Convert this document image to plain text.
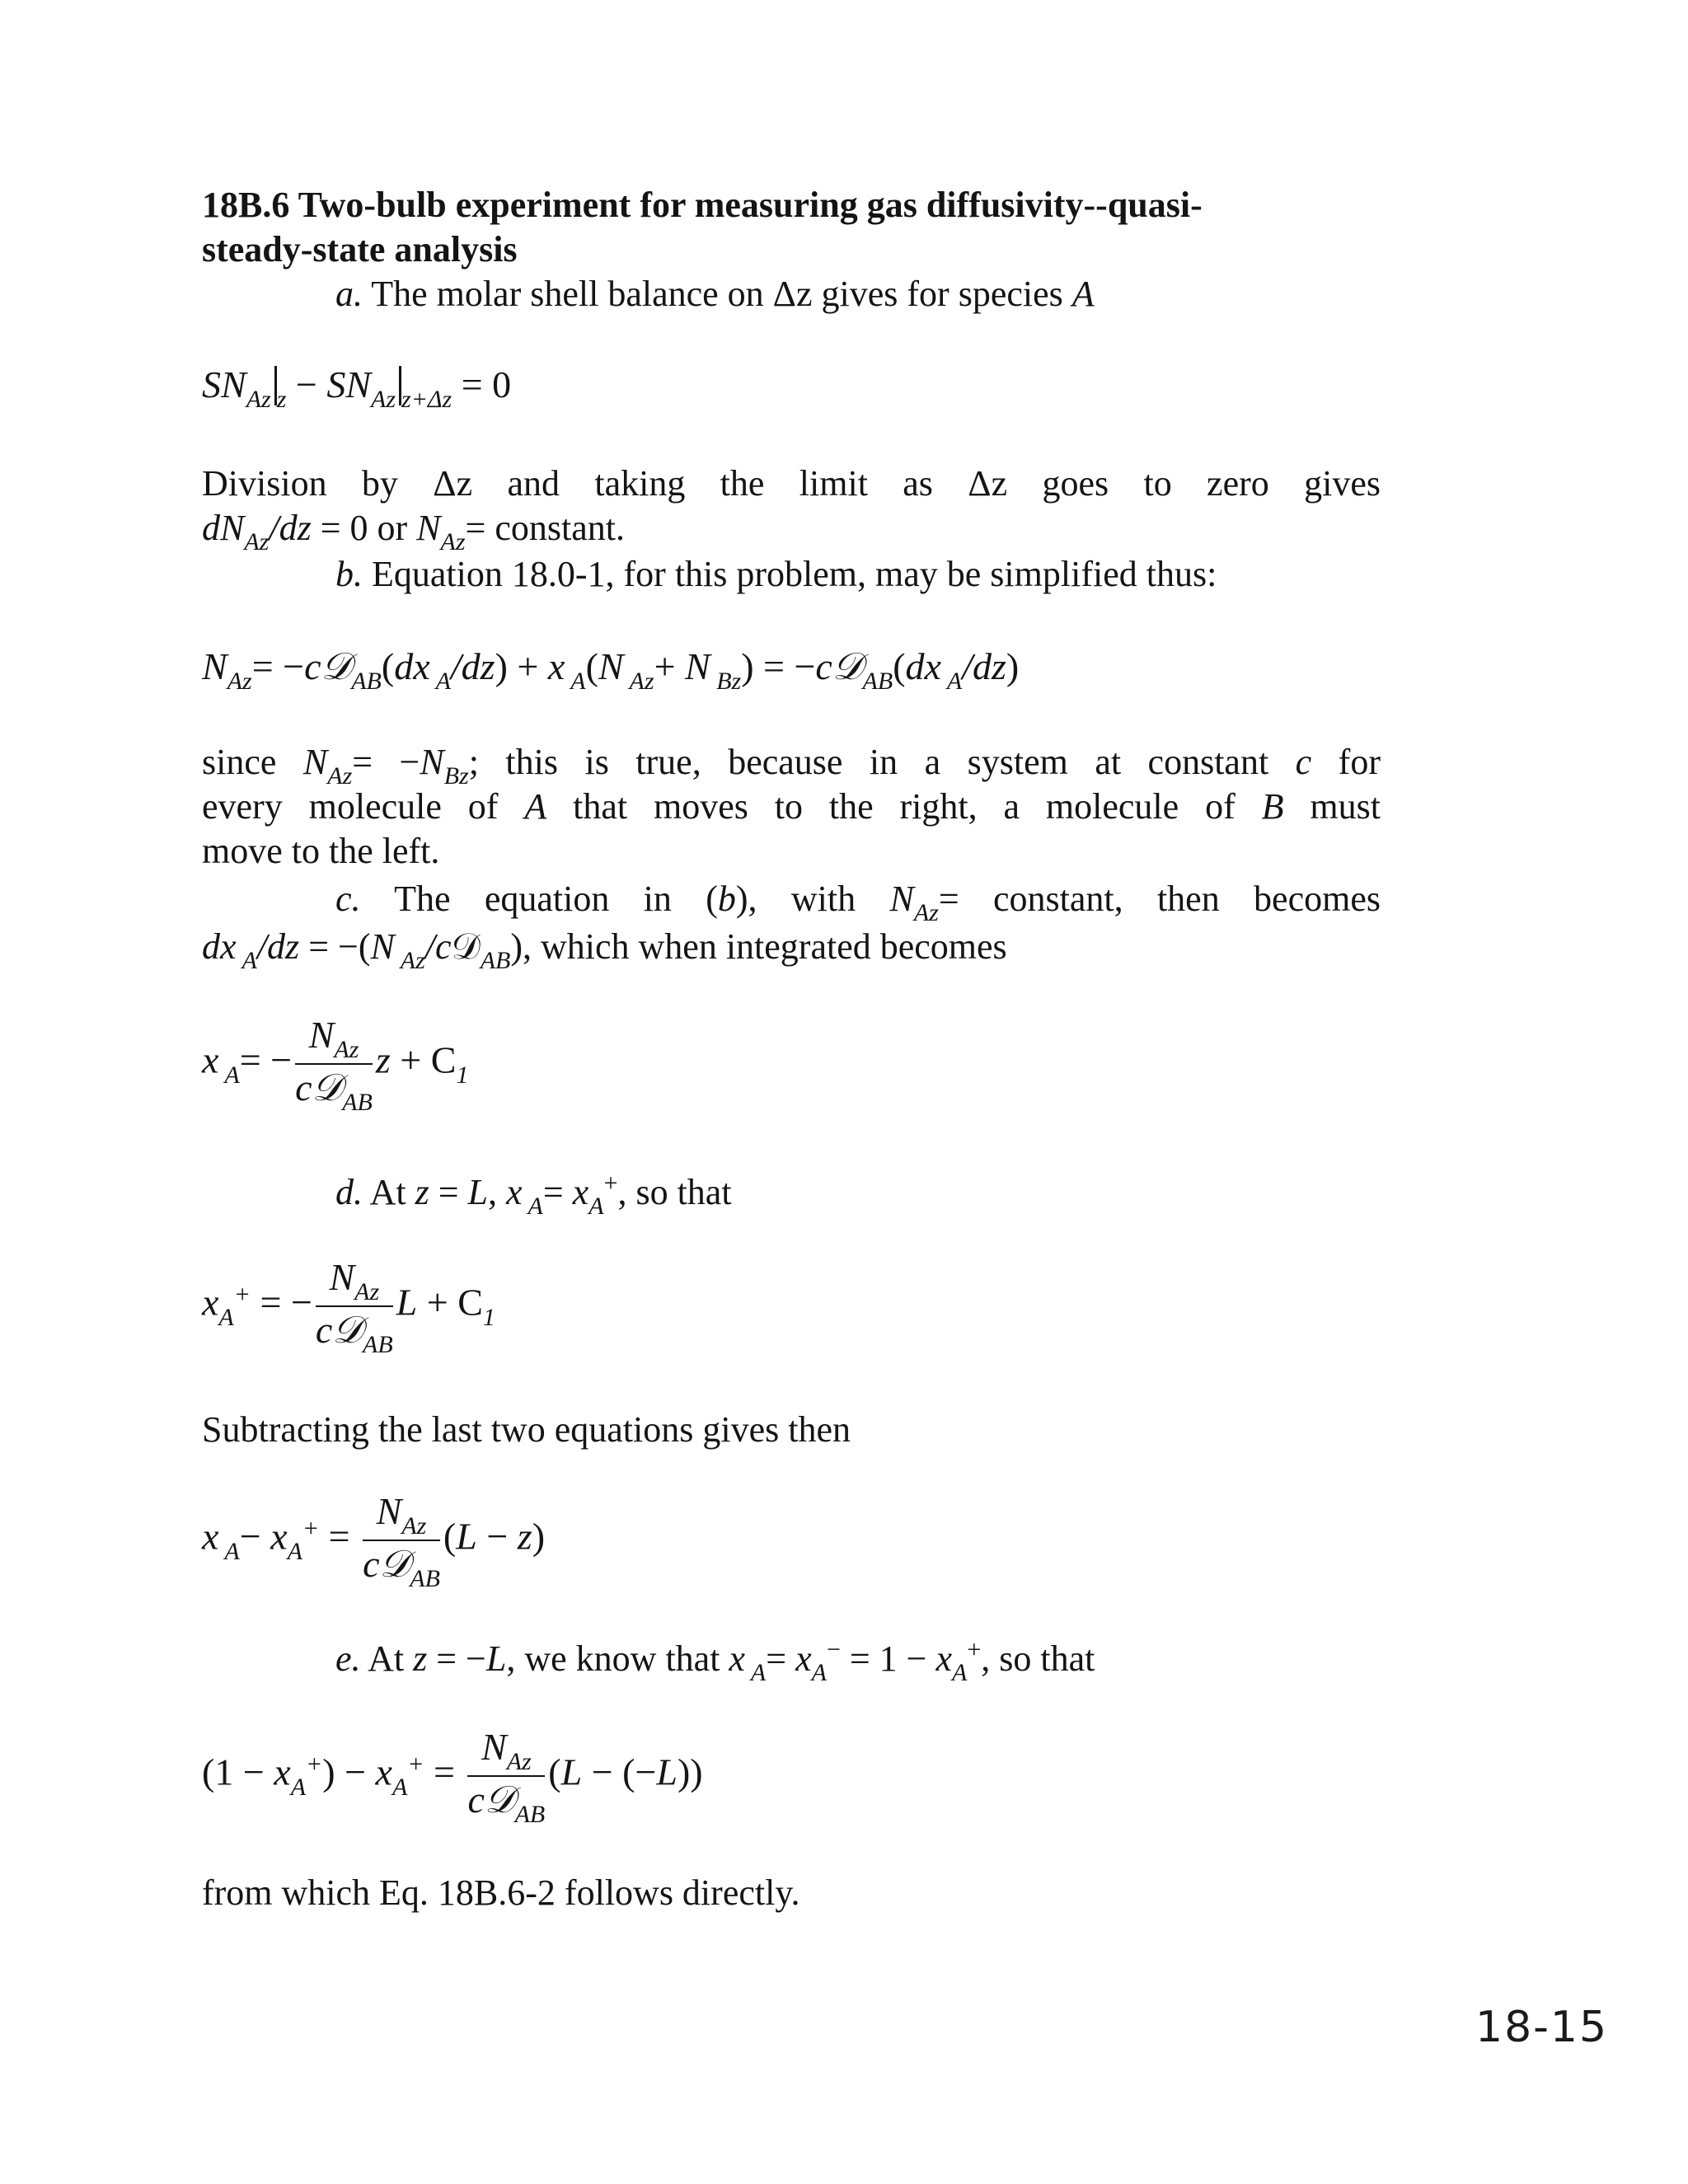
18B.6 Two-bulb experiment for measuring gas diffusivity--quasi-
steady-state analysis
a. The molar shell balance on Δz gives for species A
$SN_{Az}$ $_z - SN_{Az}$ $_{z+\Delta z}$ = 0
Division by Δz and taking the limit as Δz goes to zero gives
$dN_{Az}/dz = 0$ or $N_{Az}=$ constant.
b. Equation 18.0-1, for this problem, may be simplified thus:
$N_{Az}=$ −c𝒟$_{AB}$(dx $_A$/dz) + x $_A$(N $_{Az}$+ N $_{Bz}$) = −c𝒟$_{AB}$(dx $_A$/dz)
since $N_{Az}= -N_{Bz}$; this is true, because in a system at constant c for
every molecule of A that moves to the right, a molecule of B must
move to the left.
c. The equation in (b), with $N_{Az}=$ constant, then becomes
dx $_A$/dz = −(N $_{Az}$/c𝒟$_{AB}$), which when integrated becomes
x $_A= - \frac{N_{Az}}{c𝒟_{AB}}$ $z + C_1$
d. At z = L, x $_A= x_A^+$, so that
$x_A^+$ = − $\frac{N_{Az}}{c𝒟_{AB}}$ $L + C_1$
Subtracting the last two equations gives then
x $_A- x_A^+ = \frac{N_{Az}}{c𝒟_{AB}} (L - z)$
e. At z = −L, we know that x $_A= x_A^- = 1 - x_A^+$, so that
$(1 - x_A^+) - x_A^+ = \frac{N_{Az}}{c𝒟_{AB}} (L - (-L))$
from which Eq. 18B.6-2 follows directly.
18-15
